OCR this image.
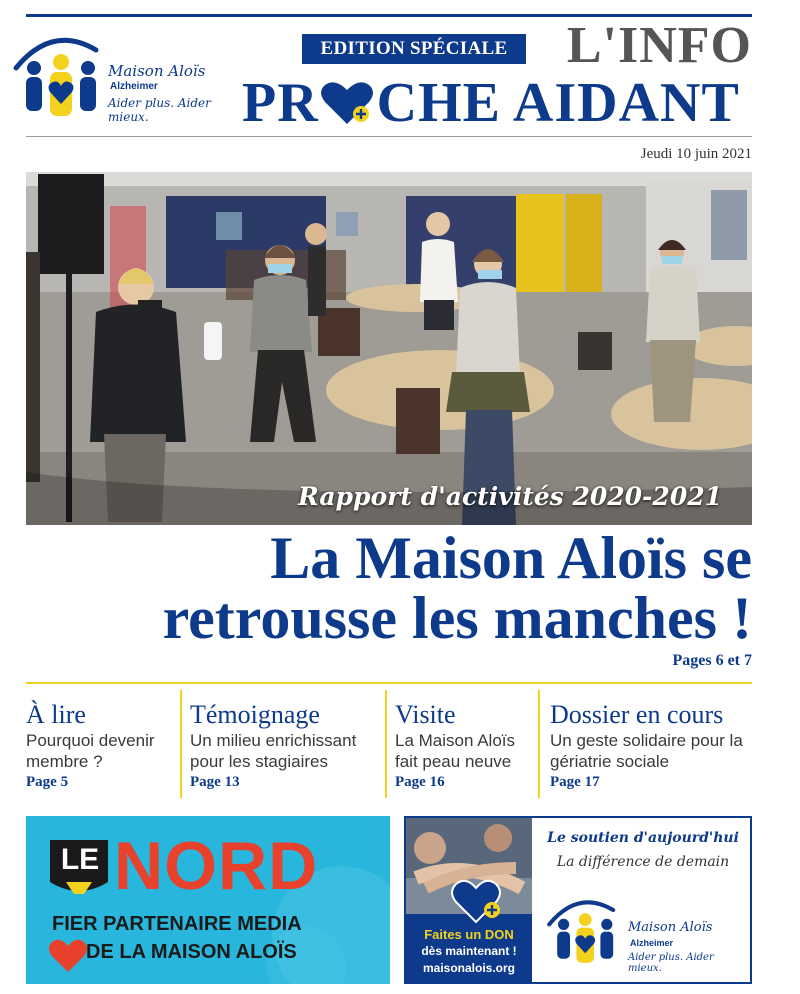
Maison Aloïs
Alzheimer
Aider plus. Aider mieux.
EDITION SPÉCIALE	L'INFO
PR CHE AIDANT
Jeudi 10 juin 2021
Rapport d'activités 2020-2021
La Maison Aloïs se
retrousse les manches !
Pages 6 et 7
À lire
Pourquoi devenir membre ?
Page 5
Témoignage
Un milieu enrichissant pour les stagiaires
Page 13
Visite
La Maison Aloïs fait peau neuve
Page 16
Dossier en cours
Un geste solidaire pour la gériatrie sociale
Page 17
LE NORD
FIER PARTENAIRE MEDIA
DE LA MAISON ALOÏS
Faites un DON
dès maintenant !
maisonalois.org
Le soutien d'aujourd'hui
La différence de demain
Maison Aloïs
Alzheimer
Aider plus. Aider mieux.
